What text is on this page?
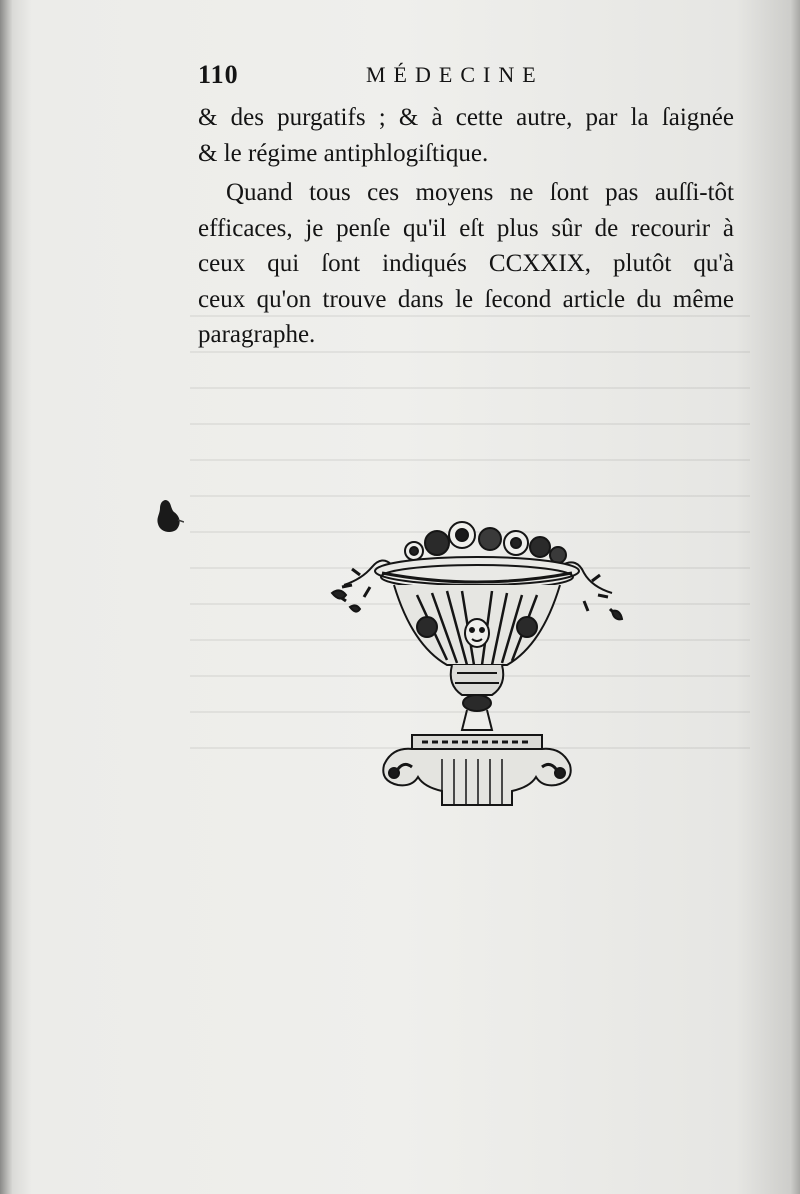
110	MÉDECINE
& des purgatifs ; & à cette autre, par la ſaignée
& le régime antiphlogiſtique.
Quand tous ces moyens ne ſont pas auſſi-tôt
efficaces, je penſe qu'il eſt plus sûr de recourir à
ceux qui ſont indiqués CCXXIX, plutôt qu'à
ceux qu'on trouve dans le ſecond article du même
paragraphe.
